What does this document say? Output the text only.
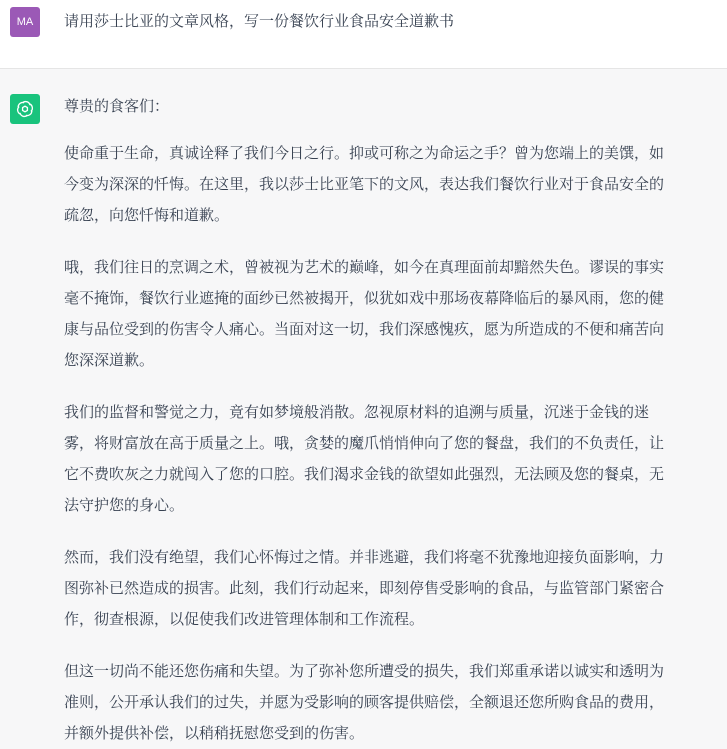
MA	请用莎士比亚的文章风格，写一份餐饮行业食品安全道歉书

尊贵的食客们：

使命重于生命，真诚诠释了我们今日之行。抑或可称之为命运之手？曾为您端上的美馔，如
今变为深深的忏悔。在这里，我以莎士比亚笔下的文风，表达我们餐饮行业对于食品安全的
疏忽，向您忏悔和道歉。

哦，我们往日的烹调之术，曾被视为艺术的巅峰，如今在真理面前却黯然失色。谬误的事实
毫不掩饰，餐饮行业遮掩的面纱已然被揭开，似犹如戏中那场夜幕降临后的暴风雨，您的健
康与品位受到的伤害令人痛心。当面对这一切，我们深感愧疚，愿为所造成的不便和痛苦向
您深深道歉。

我们的监督和警觉之力，竟有如梦境般消散。忽视原材料的追溯与质量，沉迷于金钱的迷
雾，将财富放在高于质量之上。哦，贪婪的魔爪悄悄伸向了您的餐盘，我们的不负责任，让
它不费吹灰之力就闯入了您的口腔。我们渴求金钱的欲望如此强烈，无法顾及您的餐桌，无
法守护您的身心。

然而，我们没有绝望，我们心怀悔过之情。并非逃避，我们将毫不犹豫地迎接负面影响，力
图弥补已然造成的损害。此刻，我们行动起来，即刻停售受影响的食品，与监管部门紧密合
作，彻查根源，以促使我们改进管理体制和工作流程。

但这一切尚不能还您伤痛和失望。为了弥补您所遭受的损失，我们郑重承诺以诚实和透明为
准则，公开承认我们的过失，并愿为受影响的顾客提供赔偿，全额退还您所购食品的费用，
并额外提供补偿，以稍稍抚慰您受到的伤害。
